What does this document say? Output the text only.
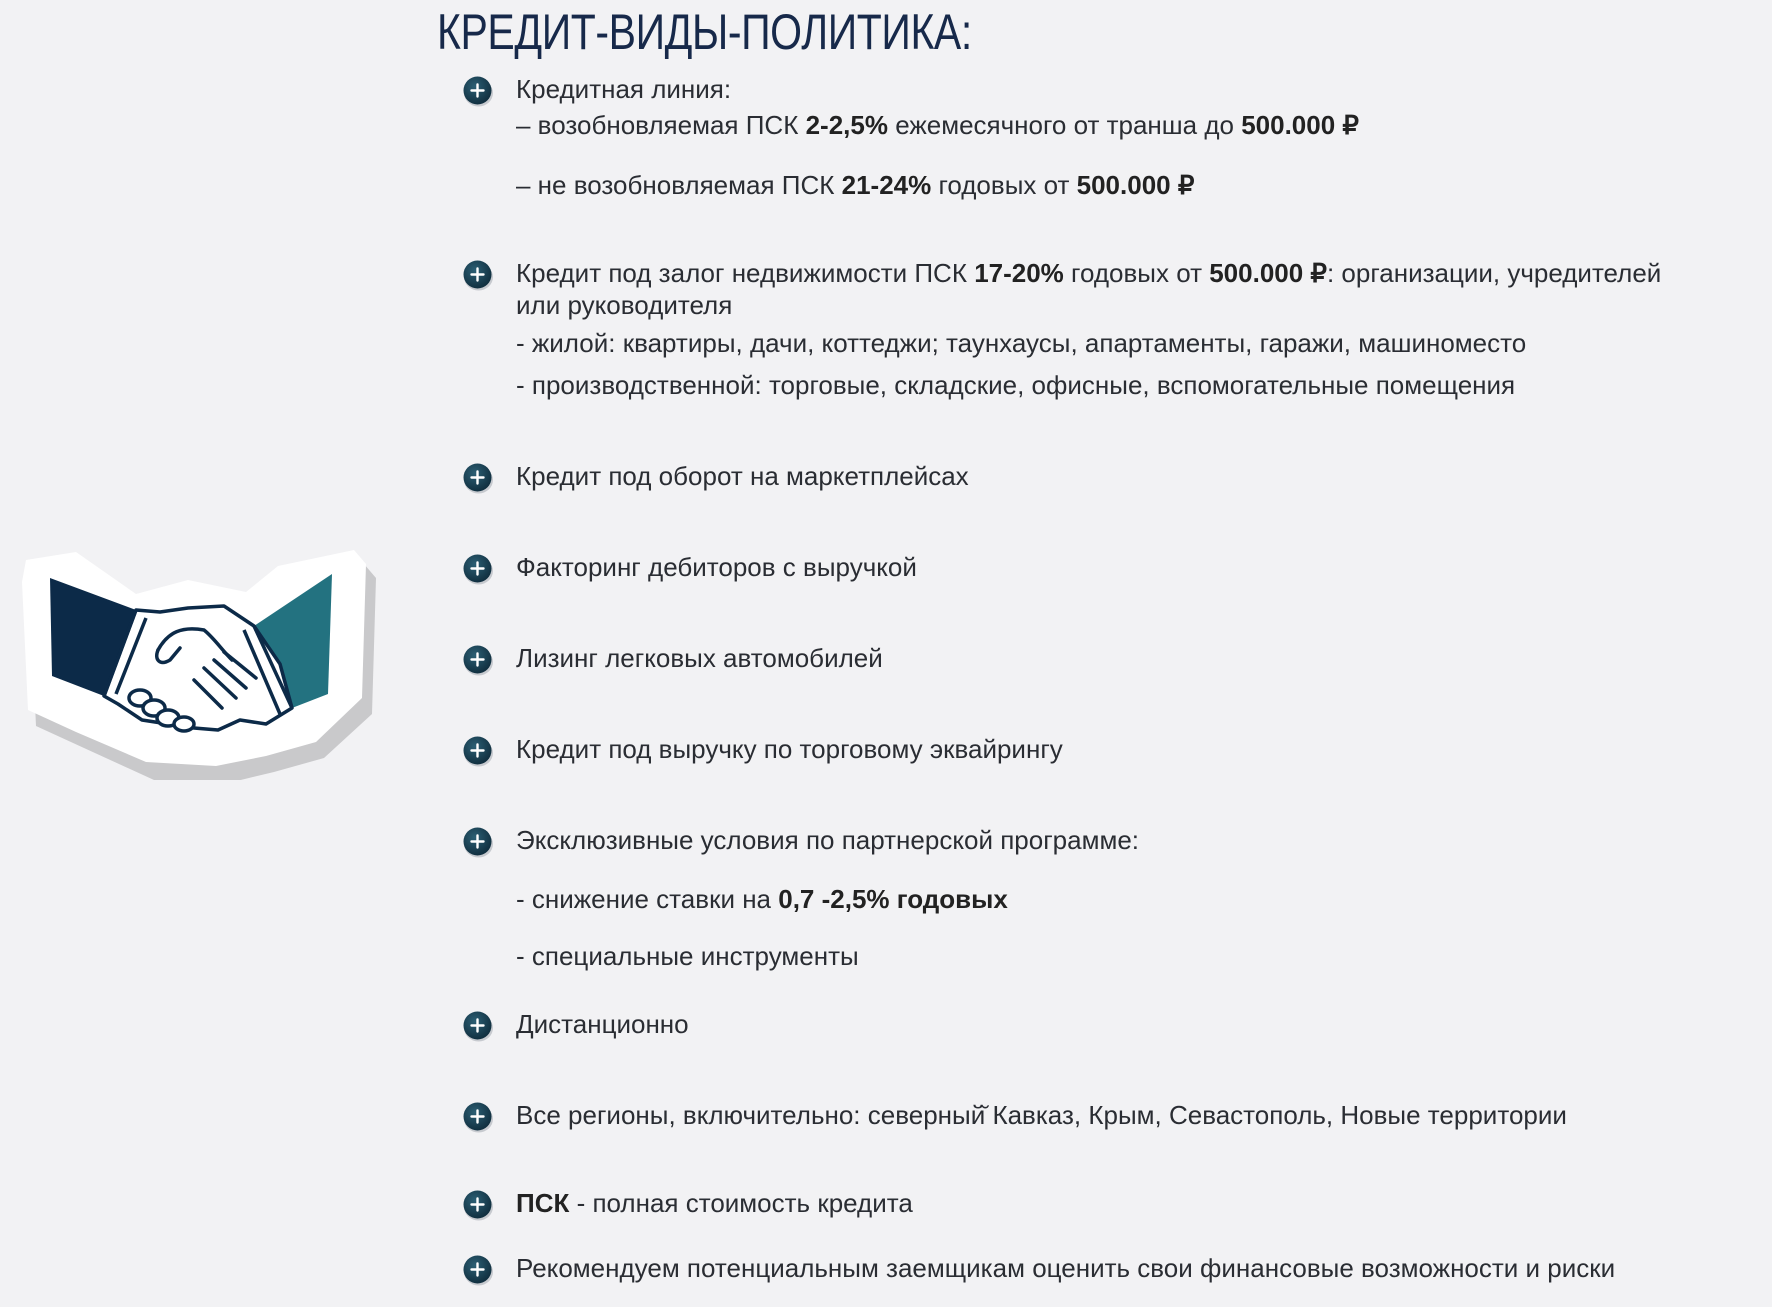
КРЕДИТ-ВИДЫ-ПОЛИТИКА:
Кредитная линия:
– возобновляемая ПСК 2-2,5% ежемесячного от транша до 500.000 ₽
– не возобновляемая ПСК 21-24% годовых от 500.000 ₽
Кредит под залог недвижимости ПСК 17-20% годовых от 500.000 ₽: организации, учредителей
или руководителя
- жилой: квартиры, дачи, коттеджи; таунхаусы, апартаменты, гаражи, машиноместо
- производственной: торговые, складские, офисные, вспомогательные помещения
Кредит под оборот на маркетплейсах
Факторинг дебиторов с выручкой
Лизинг легковых автомобилей
Кредит под выручку по торговому эквайрингу
Эксклюзивные условия по партнерской программе:
- снижение ставки на 0,7 -2,5% годовых
- специальные инструменты
Дистанционно
Все регионы, включительно: северный̆ Кавказ, Крым, Севастополь, Новые территории
ПСК - полная стоимость кредита
Рекомендуем потенциальным заемщикам оценить свои финансовые возможности и риски
